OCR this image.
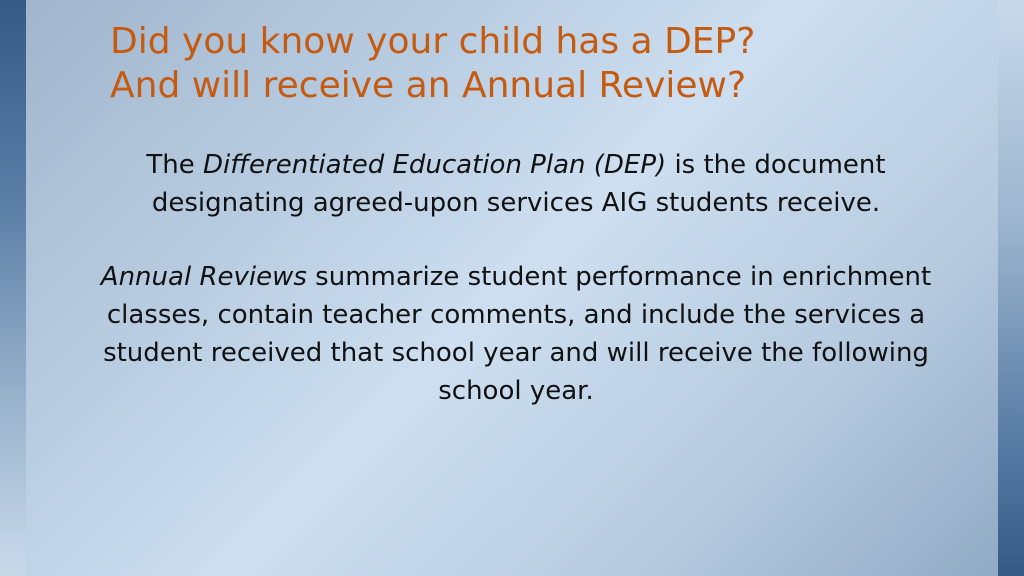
Did you know your child has a DEP?
And will receive an Annual Review?

The Differentiated Education Plan (DEP) is the document designating agreed-upon services AIG students receive.

Annual Reviews summarize student performance in enrichment classes, contain teacher comments, and include the services a student received that school year and will receive the following school year.
